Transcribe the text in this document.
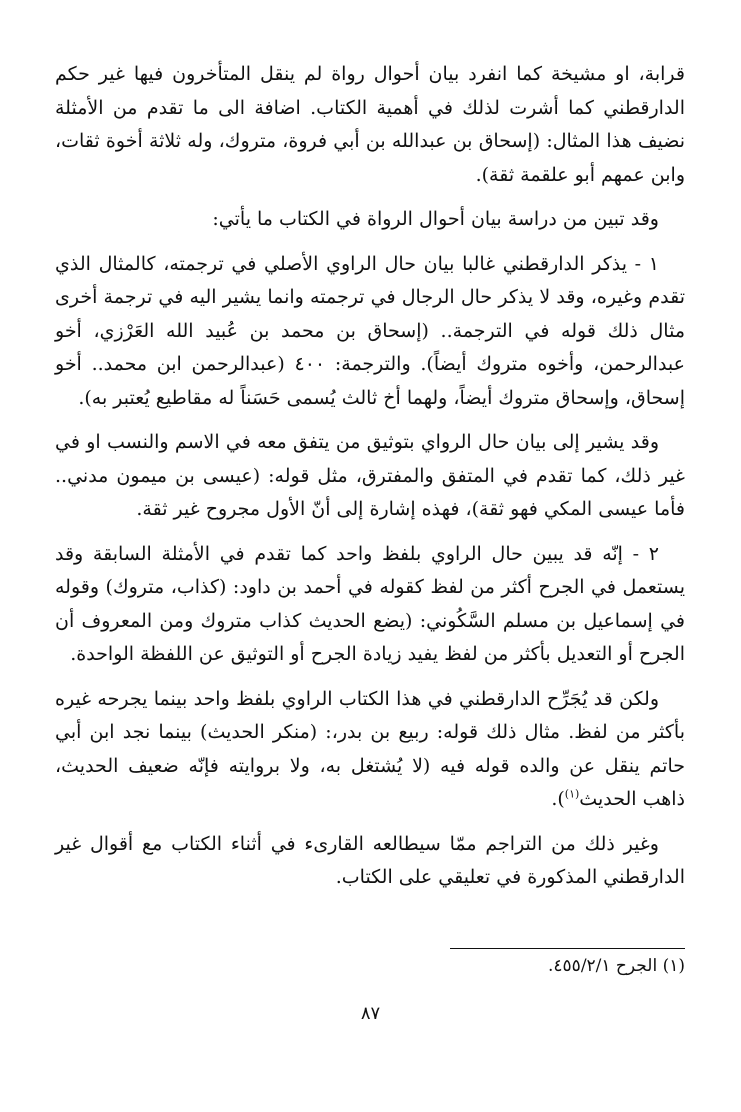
قرابة، او مشيخة كما انفرد بيان أحوال رواة لم ينقل المتأخرون فيها غير حكم الدارقطني كما أشرت لذلك في أهمية الكتاب. اضافة الى ما تقدم من الأمثلة نضيف هذا المثال: (إسحاق بن عبدالله بن أبي فروة، متروك، وله ثلاثة أخوة ثقات، وابن عمهم أبو علقمة ثقة).

وقد تبين من دراسة بيان أحوال الرواة في الكتاب ما يأتي:

١ - يذكر الدارقطني غالبا بيان حال الراوي الأصلي في ترجمته، كالمثال الذي تقدم وغيره، وقد لا يذكر حال الرجال في ترجمته وانما يشير اليه في ترجمة أخرى مثال ذلك قوله في الترجمة.. (إسحاق بن محمد بن عُبيد الله العَرْزي، أخو عبدالرحمن، وأخوه متروك أيضاً). والترجمة: ٤٠٠ (عبدالرحمن ابن محمد.. أخو إسحاق، وإسحاق متروك أيضاً، ولهما أخ ثالث يُسمى حَسَناً له مقاطيع يُعتبر به).

وقد يشير إلى بيان حال الرواي بتوثيق من يتفق معه في الاسم والنسب او في غير ذلك، كما تقدم في المتفق والمفترق، مثل قوله: (عيسى بن ميمون مدني.. فأما عيسى المكي فهو ثقة)، فهذه إشارة إلى أنّ الأول مجروح غير ثقة.

٢ - إنّه قد يبين حال الراوي بلفظ واحد كما تقدم في الأمثلة السابقة وقد يستعمل في الجرح أكثر من لفظ كقوله في أحمد بن داود: (كذاب، متروك) وقوله في إسماعيل بن مسلم السَّكُوني: (يضع الحديث كذاب متروك ومن المعروف أن الجرح أو التعديل بأكثر من لفظ يفيد زيادة الجرح أو التوثيق عن اللفظة الواحدة.

ولكن قد يُجَرِّح الدارقطني في هذا الكتاب الراوي بلفظ واحد بينما يجرحه غيره بأكثر من لفظ. مثال ذلك قوله: ربيع بن بدر،: (منكر الحديث) بينما نجد ابن أبي حاتم ينقل عن والده قوله فيه (لا يُشتغل به، ولا بروايته فإنّه ضعيف الحديث، ذاهب الحديث$^{(١)}$).

وغير ذلك من التراجم ممّا سيطالعه القارىء في أثناء الكتاب مع أقوال غير الدارقطني المذكورة في تعليقي على الكتاب.

(١) الجرح ٤٥٥/٢/١.
٨٧
